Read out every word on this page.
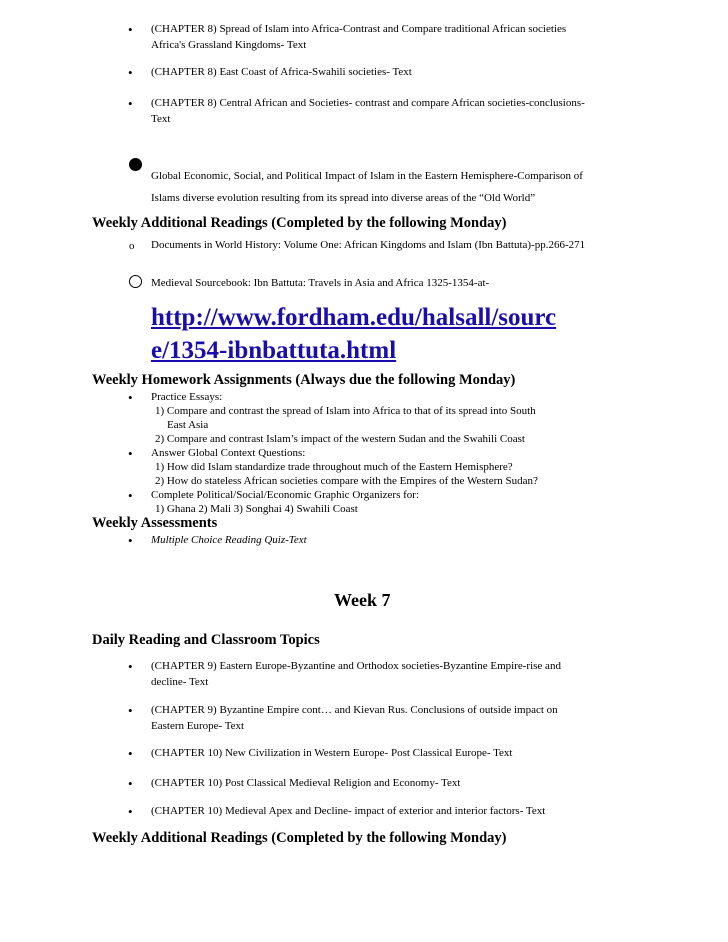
• (CHAPTER 8) Spread of Islam into Africa-Contrast and Compare traditional African societies
Africa's Grassland Kingdoms- Text
• (CHAPTER 8) East Coast of Africa-Swahili societies- Text
• (CHAPTER 8) Central African and Societies- contrast and compare African societies-conclusions-
Text
Global Economic, Social, and Political Impact of Islam in the Eastern Hemisphere-Comparison of
Islams diverse evolution resulting from its spread into diverse areas of the “Old World”
Weekly Additional Readings (Completed by the following Monday)
o Documents in World History: Volume One: African Kingdoms and Islam (Ibn Battuta)-pp.266-271
Medieval Sourcebook: Ibn Battuta: Travels in Asia and Africa 1325-1354-at-
http://www.fordham.edu/halsall/sourc
e/1354-ibnbattuta.html
Weekly Homework Assignments (Always due the following Monday)
• Practice Essays:
1) Compare and contrast the spread of Islam into Africa to that of its spread into South
East Asia
2) Compare and contrast Islam’s impact of the western Sudan and the Swahili Coast
• Answer Global Context Questions:
1) How did Islam standardize trade throughout much of the Eastern Hemisphere?
2) How do stateless African societies compare with the Empires of the Western Sudan?
• Complete Political/Social/Economic Graphic Organizers for:
1) Ghana 2) Mali 3) Songhai 4) Swahili Coast
Weekly Assessments
• Multiple Choice Reading Quiz-Text
Week 7
Daily Reading and Classroom Topics
• (CHAPTER 9) Eastern Europe-Byzantine and Orthodox societies-Byzantine Empire-rise and
decline- Text
• (CHAPTER 9) Byzantine Empire cont… and Kievan Rus. Conclusions of outside impact on
Eastern Europe- Text
• (CHAPTER 10) New Civilization in Western Europe- Post Classical Europe- Text
• (CHAPTER 10) Post Classical Medieval Religion and Economy- Text
• (CHAPTER 10) Medieval Apex and Decline- impact of exterior and interior factors- Text
Weekly Additional Readings (Completed by the following Monday)
